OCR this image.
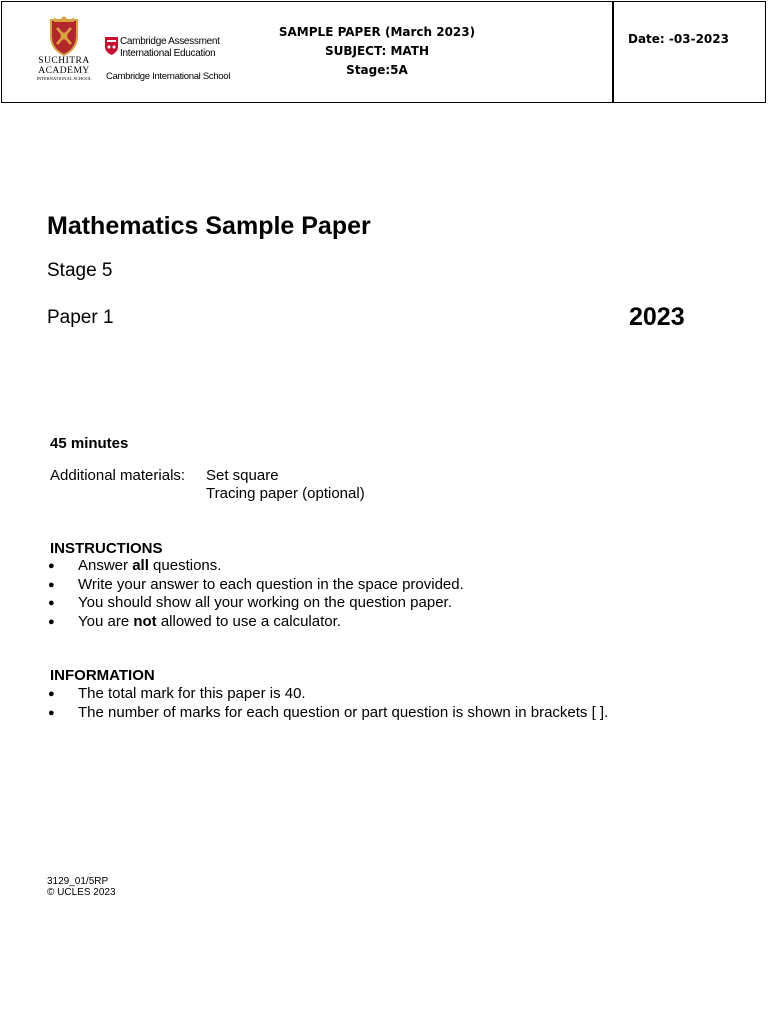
SUCHITRA
ACADEMY
INTERNATIONAL SCHOOL
Cambridge Assessment
International Education
Cambridge International School
SAMPLE PAPER (March 2023)
SUBJECT: MATH
Stage:5A
Date: -03-2023
Mathematics Sample Paper
Stage 5
Paper 1	2023
45 minutes
Additional materials: Set square
Tracing paper (optional)
INSTRUCTIONS
● Answer all questions.
● Write your answer to each question in the space provided.
● You should show all your working on the question paper.
● You are not allowed to use a calculator.
INFORMATION
● The total mark for this paper is 40.
● The number of marks for each question or part question is shown in brackets [ ].
3129_01/5RP
© UCLES 2023
